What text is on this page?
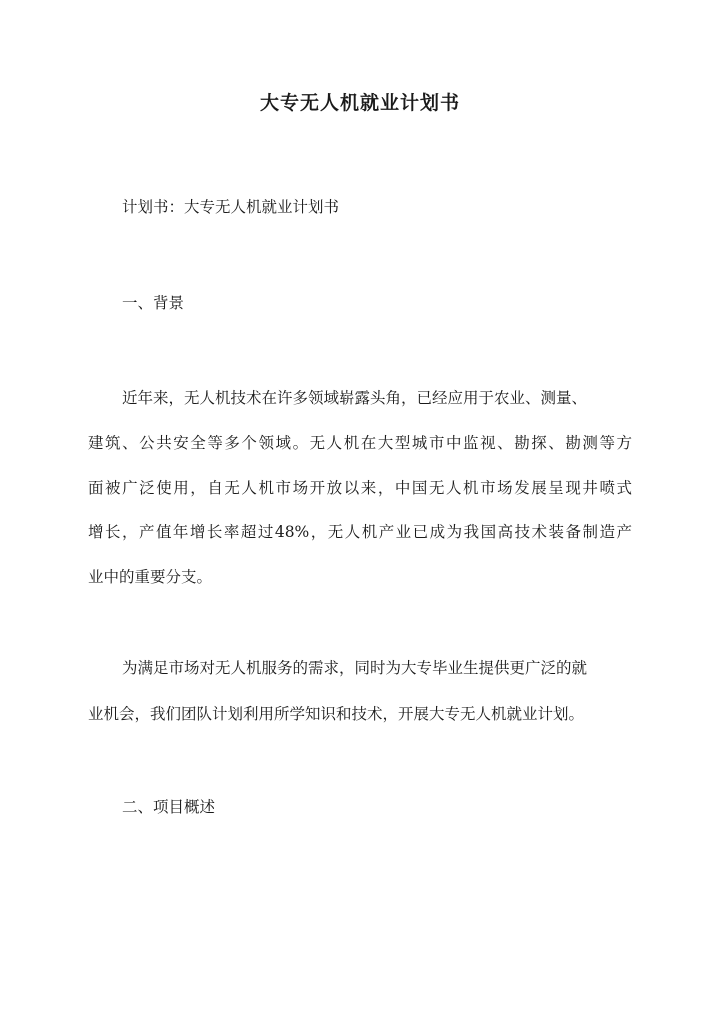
大专无人机就业计划书
计划书：大专无人机就业计划书
一、背景
近年来，无人机技术在许多领域崭露头角，已经应用于农业、测量、
建筑、公共安全等多个领域。无人机在大型城市中监视、勘探、勘测等方
面被广泛使用，自无人机市场开放以来，中国无人机市场发展呈现井喷式
增长，产值年增长率超过48%，无人机产业已成为我国高技术装备制造产
业中的重要分支。
为满足市场对无人机服务的需求，同时为大专毕业生提供更广泛的就
业机会，我们团队计划利用所学知识和技术，开展大专无人机就业计划。
二、项目概述
